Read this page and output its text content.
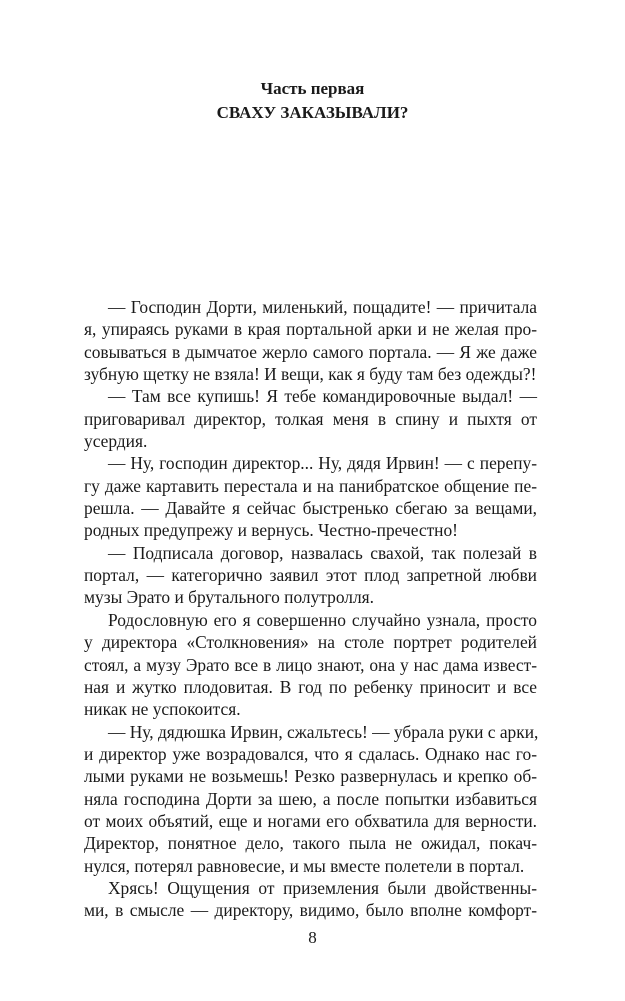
Часть первая
СВАХУ ЗАКАЗЫВАЛИ?
— Господин Дорти, миленький, пощадите! — причитала
я, упираясь руками в края портальной арки и не желая про-
совываться в дымчатое жерло самого портала. — Я же даже
зубную щетку не взяла! И вещи, как я буду там без одежды?!
— Там все купишь! Я тебе командировочные выдал! —
приговаривал директор, толкая меня в спину и пыхтя от
усердия.
— Ну, господин директор... Ну, дядя Ирвин! — с перепу-
гу даже картавить перестала и на панибратское общение пе-
решла. — Давайте я сейчас быстренько сбегаю за вещами,
родных предупрежу и вернусь. Честно-пречестно!
— Подписала договор, назвалась свахой, так полезай в
портал, — категорично заявил этот плод запретной любви
музы Эрато и брутального полутролля.
Родословную его я совершенно случайно узнала, просто
у директора «Столкновения» на столе портрет родителей
стоял, а музу Эрато все в лицо знают, она у нас дама извест-
ная и жутко плодовитая. В год по ребенку приносит и все
никак не успокоится.
— Ну, дядюшка Ирвин, сжальтесь! — убрала руки с арки,
и директор уже возрадовался, что я сдалась. Однако нас го-
лыми руками не возьмешь! Резко развернулась и крепко об-
няла господина Дорти за шею, а после попытки избавиться
от моих объятий, еще и ногами его обхватила для верности.
Директор, понятное дело, такого пыла не ожидал, покач-
нулся, потерял равновесие, и мы вместе полетели в портал.
Хрясь! Ощущения от приземления были двойственны-
ми, в смысле — директору, видимо, было вполне комфорт-
8
